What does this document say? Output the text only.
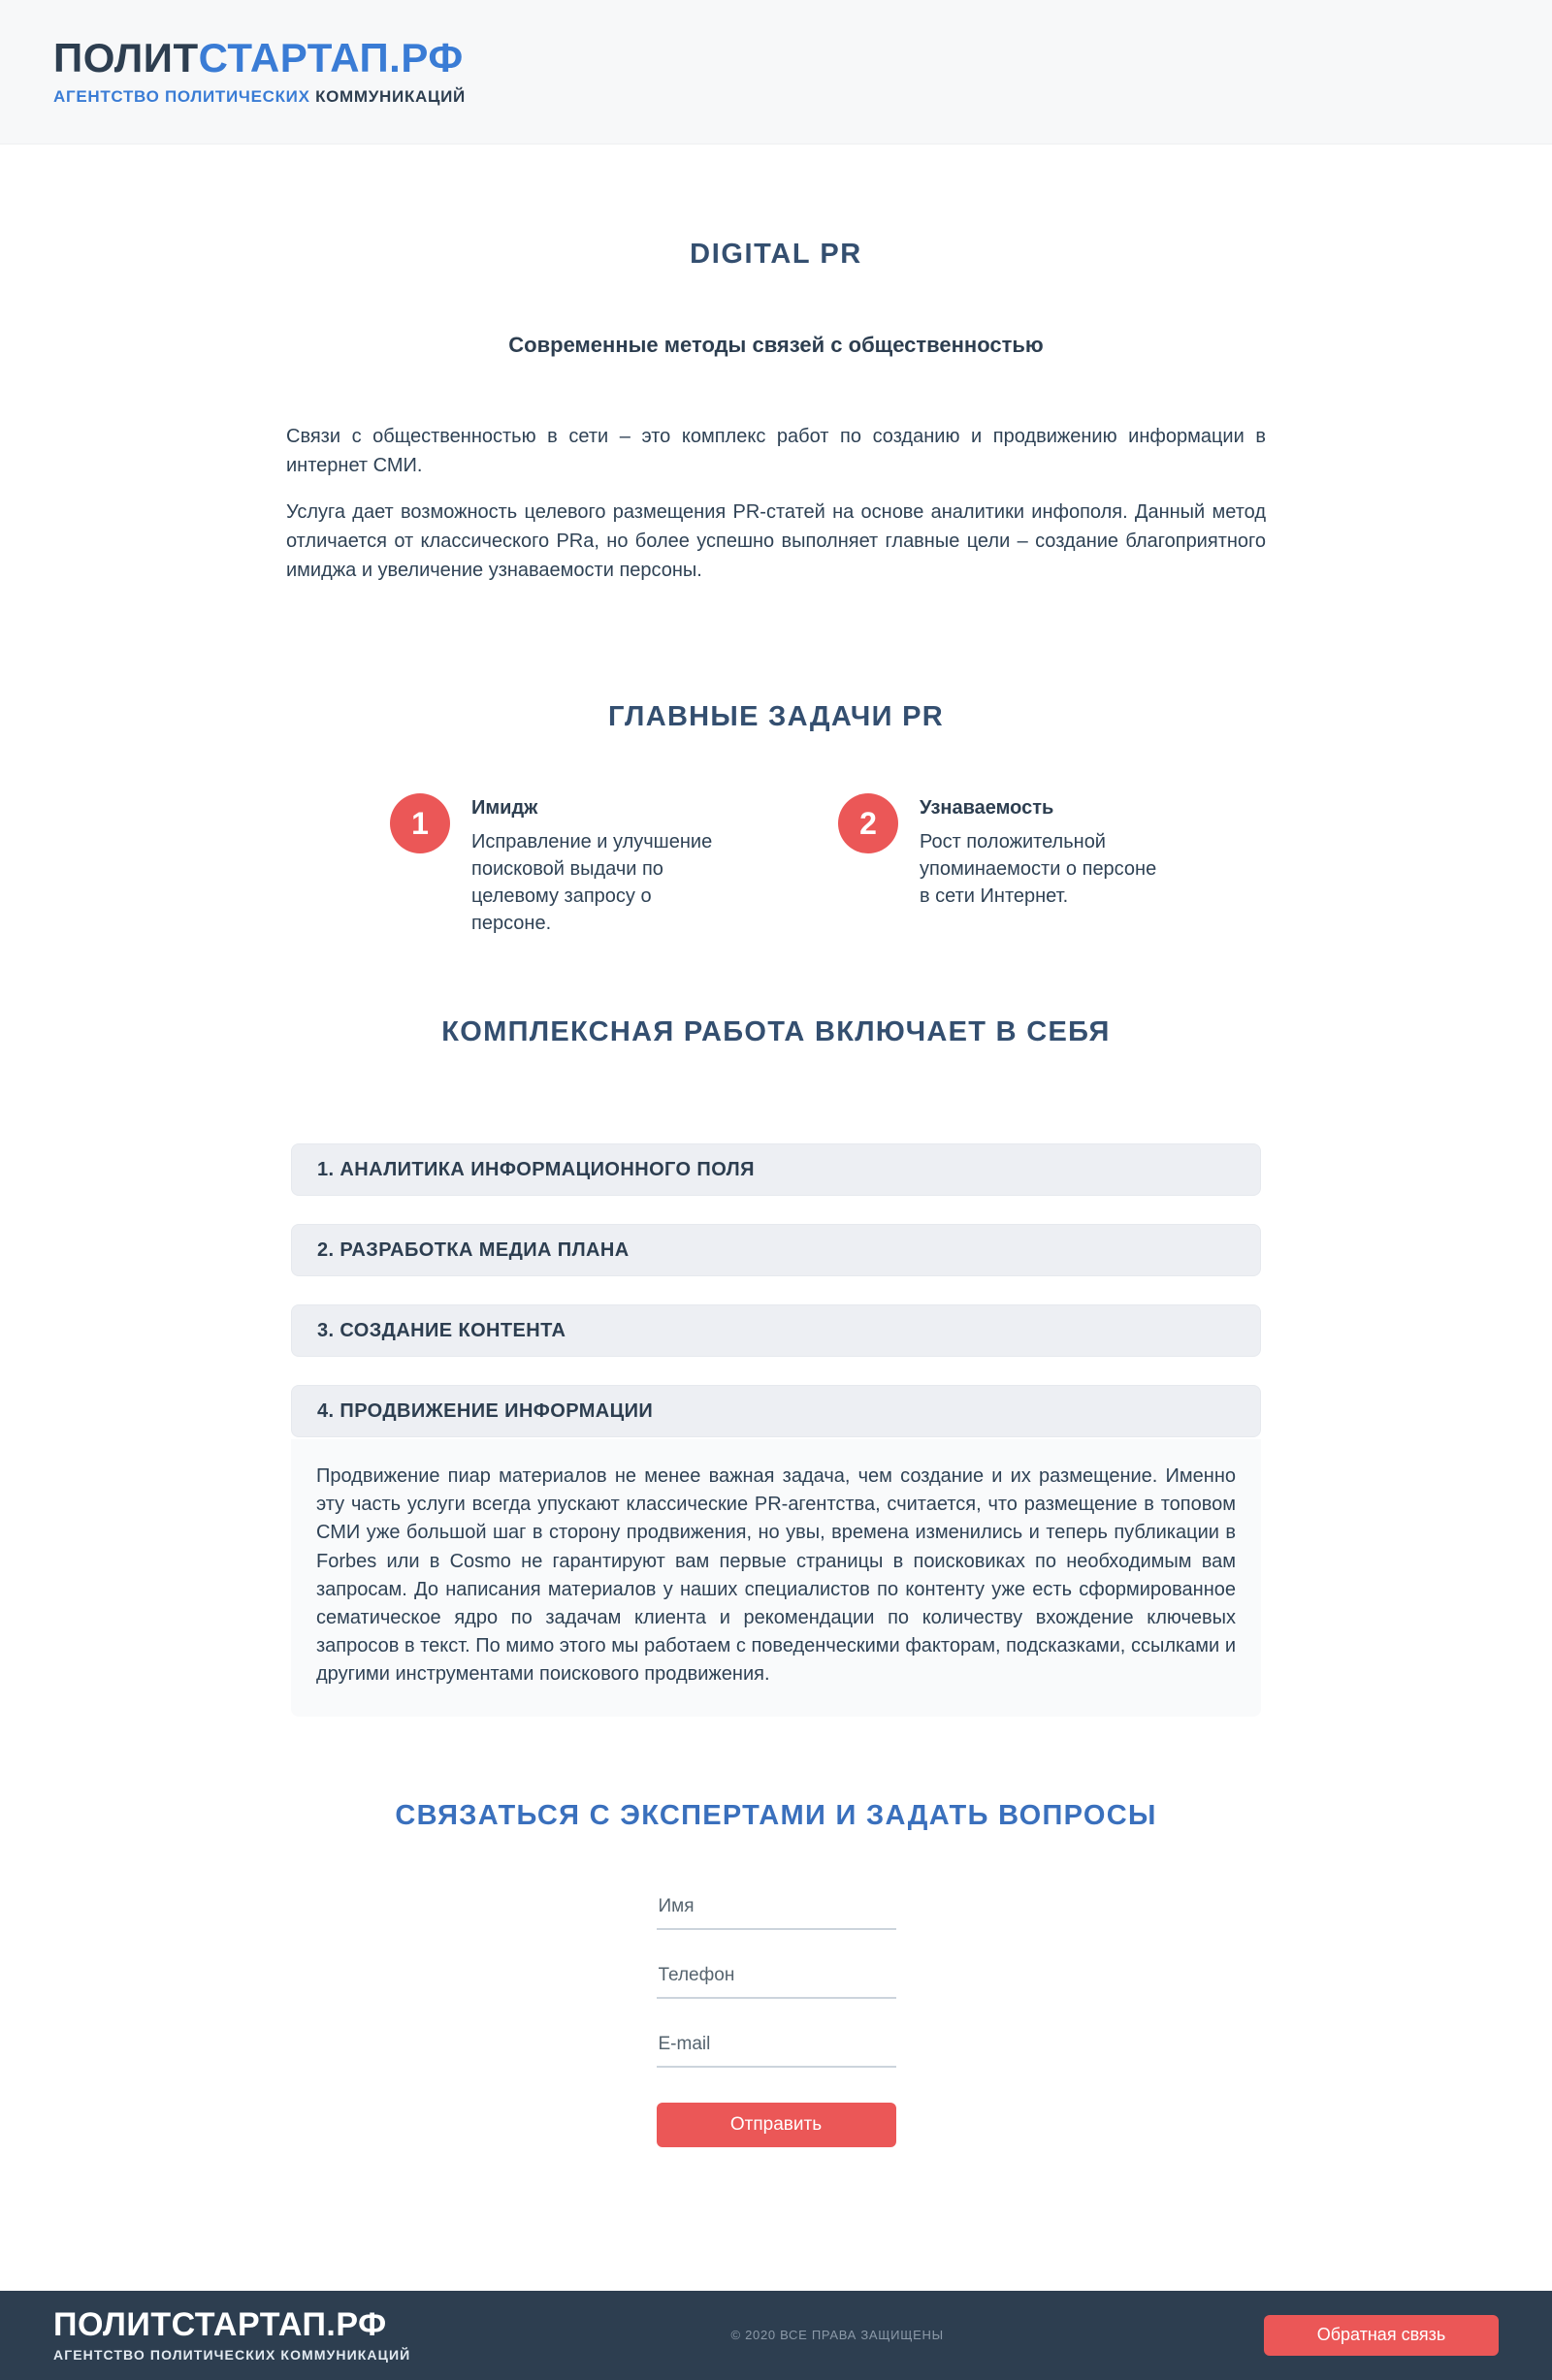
ПОЛИТСТАРТАП.РФ
АГЕНТСТВО ПОЛИТИЧЕСКИХ КОММУНИКАЦИЙ
DIGITAL PR
Современные методы связей с общественностью

Связи с общественностью в сети – это комплекс работ по созданию и продвижению информации в интернет СМИ.

Услуга дает возможность целевого размещения PR-статей на основе аналитики инфополя. Данный метод отличается от классического PRa, но более успешно выполняет главные цели – создание благоприятного имиджа и увеличение узнаваемости персоны.

ГЛАВНЫЕ ЗАДАЧИ PR
1	Имидж
Исправление и улучшение поисковой выдачи по целевому запросу о персоне.
2	Узнаваемость
Рост положительной упоминаемости о персоне в сети Интернет.
КОМПЛЕКСНАЯ РАБОТА ВКЛЮЧАЕТ В СЕБЯ
1. АНАЛИТИКА ИНФОРМАЦИОННОГО ПОЛЯ
2. РАЗРАБОТКА МЕДИА ПЛАНА
3. СОЗДАНИЕ КОНТЕНТА
4. ПРОДВИЖЕНИЕ ИНФОРМАЦИИ

Продвижение пиар материалов не менее важная задача, чем создание и их размещение. Именно эту часть услуги всегда упускают классические PR-агентства, считается, что размещение в топовом СМИ уже большой шаг в сторону продвижения, но увы, времена изменились и теперь публикации в Forbes или в Cosmo не гарантируют вам первые страницы в поисковиках по необходимым вам запросам. До написания материалов у наших специалистов по контенту уже есть сформированное сематическое ядро по задачам клиента и рекомендации по количеству вхождение ключевых запросов в текст. По мимо этого мы работаем с поведенческими факторам, подсказками, ссылками и другими инструментами поискового продвижения.

СВЯЗАТЬСЯ С ЭКСПЕРТАМИ И ЗАДАТЬ ВОПРОСЫ
Имя
Телефон
E-mail
Отправить
ПОЛИТСТАРТАП.РФ
АГЕНТСТВО ПОЛИТИЧЕСКИХ КОММУНИКАЦИЙ
© 2020 ВСЕ ПРАВА ЗАЩИЩЕНЫ	Обратная связь
